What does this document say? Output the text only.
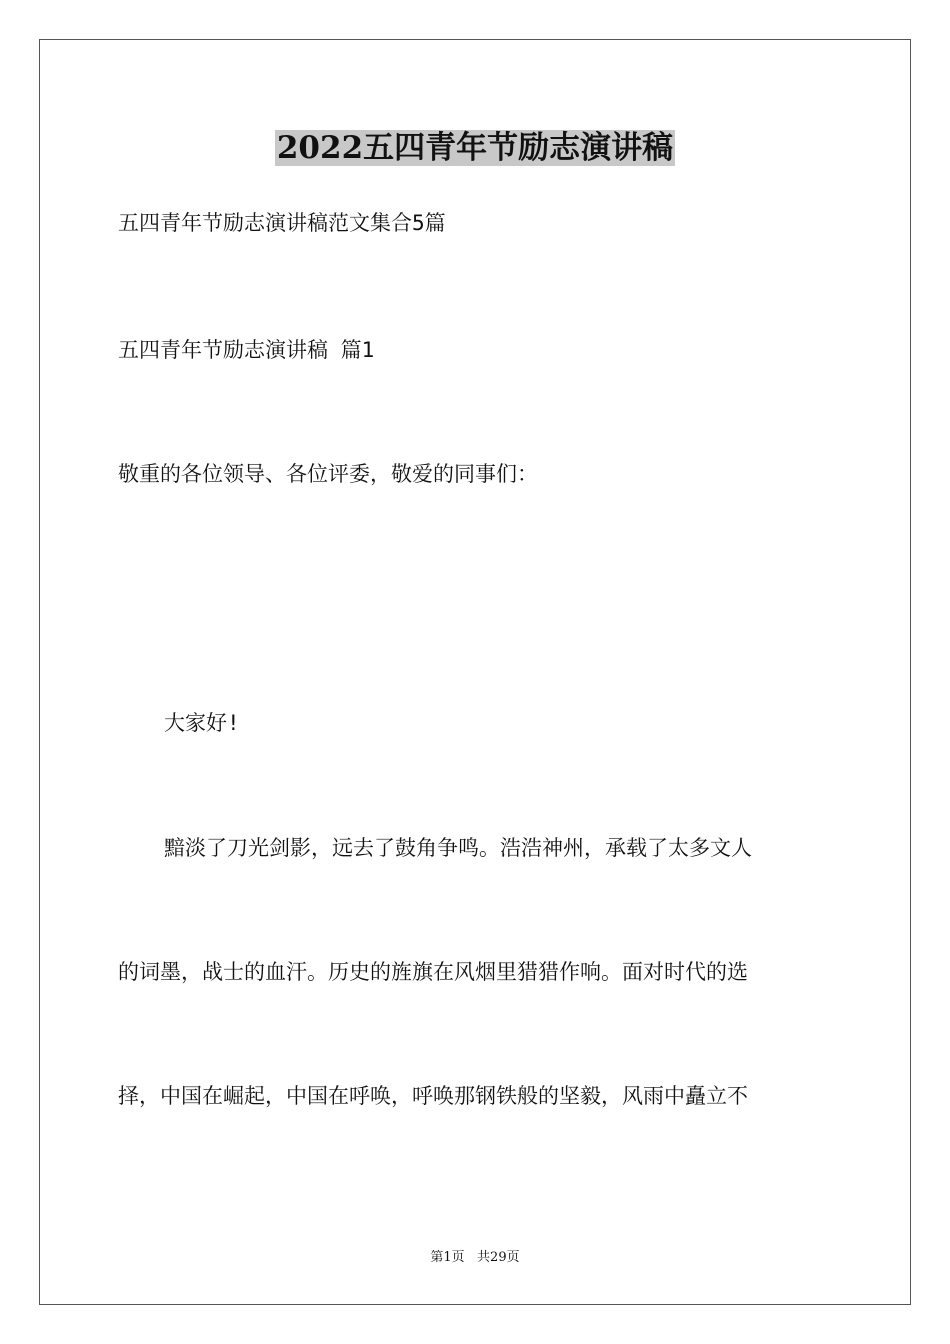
2022五四青年节励志演讲稿

五四青年节励志演讲稿范文集合5篇

五四青年节励志演讲稿 篇1

敬重的各位领导、各位评委，敬爱的同事们：

大家好!

黯淡了刀光剑影，远去了鼓角争鸣。浩浩神州，承载了太多文人

的词墨，战士的血汗。历史的旌旗在风烟里猎猎作响。面对时代的选

择，中国在崛起，中国在呼唤，呼唤那钢铁般的坚毅，风雨中矗立不

第1页   共29页
